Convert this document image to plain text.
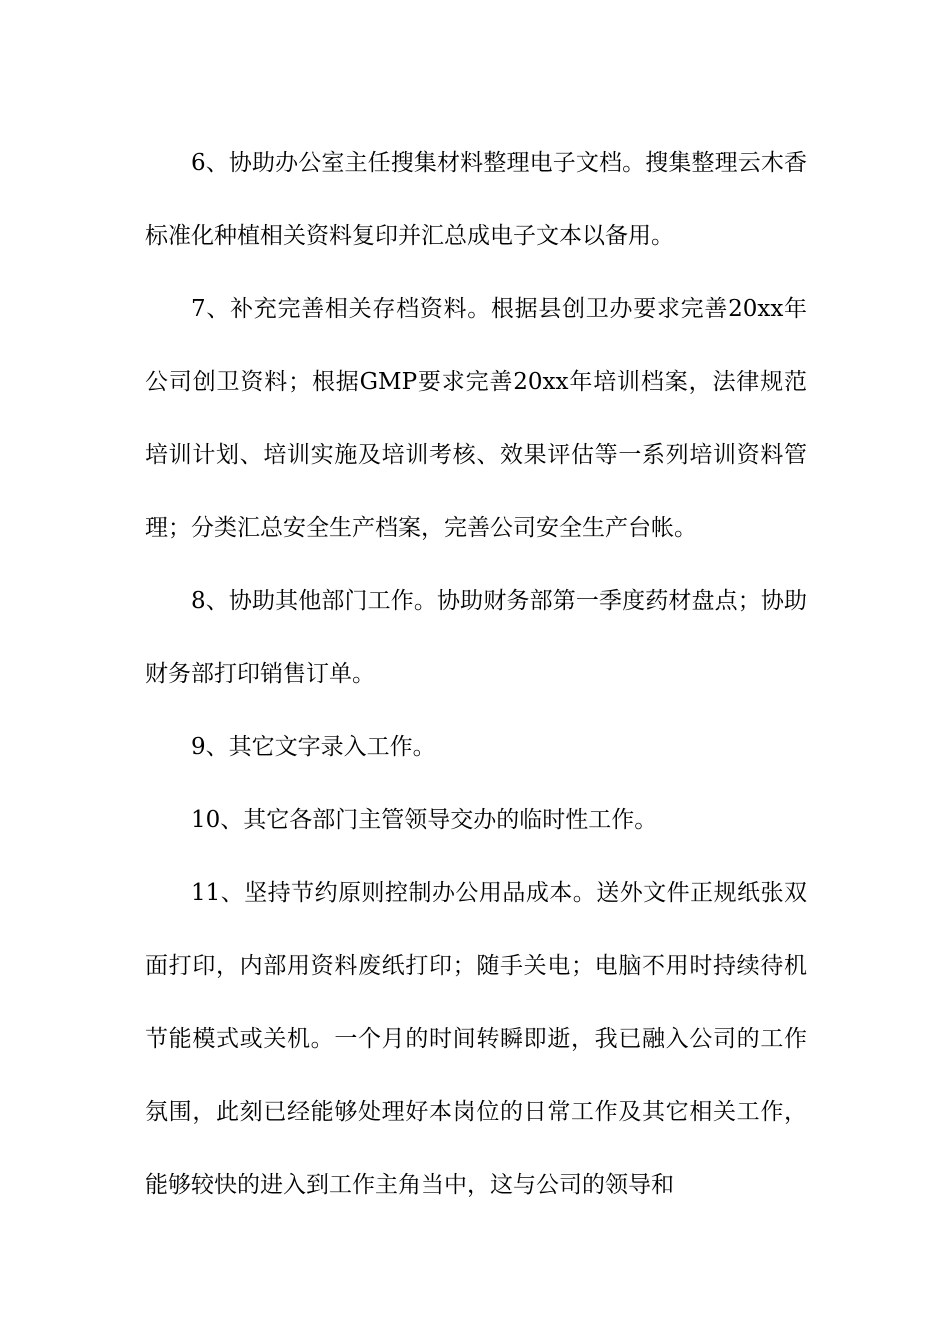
6、协助办公室主任搜集材料整理电子文档。搜集整理云木香标准化种植相关资料复印并汇总成电子文本以备用。

7、补充完善相关存档资料。根据县创卫办要求完善20xx年公司创卫资料；根据GMP要求完善20xx年培训档案，法律规范培训计划、培训实施及培训考核、效果评估等一系列培训资料管理；分类汇总安全生产档案，完善公司安全生产台帐。

8、协助其他部门工作。协助财务部第一季度药材盘点；协助财务部打印销售订单。

9、其它文字录入工作。

10、其它各部门主管领导交办的临时性工作。

11、坚持节约原则控制办公用品成本。送外文件正规纸张双面打印，内部用资料废纸打印；随手关电；电脑不用时持续待机节能模式或关机。一个月的时间转瞬即逝，我已融入公司的工作氛围，此刻已经能够处理好本岗位的日常工作及其它相关工作，能够较快的进入到工作主角当中，这与公司的领导和
